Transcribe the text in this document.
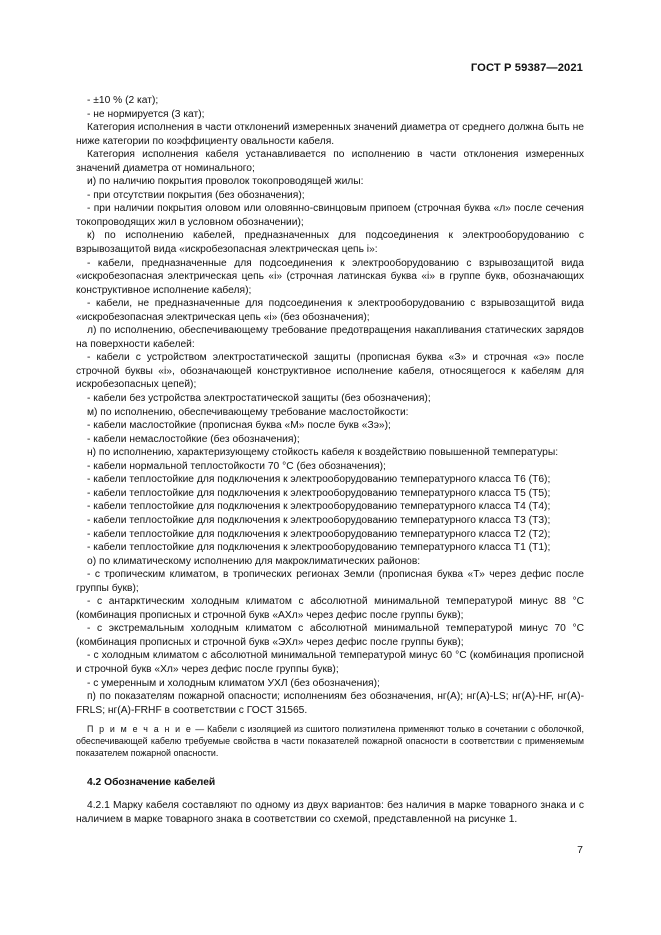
ГОСТ Р 59387—2021

- ±10 % (2 кат);

- не нормируется (3 кат);

Категория исполнения в части отклонений измеренных значений диаметра от среднего должна быть не ниже категории по коэффициенту овальности кабеля.

Категория исполнения кабеля устанавливается по исполнению в части отклонения измеренных значений диаметра от номинального;

и) по наличию покрытия проволок токопроводящей жилы:

- при отсутствии покрытия (без обозначения);

- при наличии покрытия оловом или оловянно-свинцовым припоем (строчная буква «л» после сечения токопроводящих жил в условном обозначении);

к) по исполнению кабелей, предназначенных для подсоединения к электрооборудованию с взрывозащитой вида «искробезопасная электрическая цепь i»:

- кабели, предназначенные для подсоединения к электрооборудованию с взрывозащитой вида «искробезопасная электрическая цепь «i» (строчная латинская буква «i» в группе букв, обозначающих конструктивное исполнение кабеля);

- кабели, не предназначенные для подсоединения к электрооборудованию с взрывозащитой вида «искробезопасная электрическая цепь «i» (без обозначения);

л) по исполнению, обеспечивающему требование предотвращения накапливания статических зарядов на поверхности кабелей:

- кабели с устройством электростатической защиты (прописная буква «З» и строчная «э» после строчной буквы «i», обозначающей конструктивное исполнение кабеля, относящегося к кабелям для искробезопасных цепей);

- кабели без устройства электростатической защиты (без обозначения);

м) по исполнению, обеспечивающему требование маслостойкости:

- кабели маслостойкие (прописная буква «М» после букв «Зэ»);

- кабели немаслостойкие (без обозначения);

н) по исполнению, характеризующему стойкость кабеля к воздействию повышенной температуры:

- кабели нормальной теплостойкости 70 °С (без обозначения);

- кабели теплостойкие для подключения к электрооборудованию температурного класса Т6 (Т6);

- кабели теплостойкие для подключения к электрооборудованию температурного класса Т5 (Т5);

- кабели теплостойкие для подключения к электрооборудованию температурного класса Т4 (Т4);

- кабели теплостойкие для подключения к электрооборудованию температурного класса Т3 (Т3);

- кабели теплостойкие для подключения к электрооборудованию температурного класса Т2 (Т2);

- кабели теплостойкие для подключения к электрооборудованию температурного класса Т1 (Т1);

о) по климатическому исполнению для макроклиматических районов:

- с тропическим климатом, в тропических регионах Земли (прописная буква «Т» через дефис после группы букв);

- с антарктическим холодным климатом с абсолютной минимальной температурой минус 88 °С (комбинация прописных и строчной букв «АХл» через дефис после группы букв);

- с экстремальным холодным климатом с абсолютной минимальной температурой минус 70 °С (комбинация прописных и строчной букв «ЭХл» через дефис после группы букв);

- с холодным климатом с абсолютной минимальной температурой минус 60 °С (комбинация прописной и строчной букв «Хл» через дефис после группы букв);

- с умеренным и холодным климатом УХЛ (без обозначения);

п) по показателям пожарной опасности; исполнениям без обозначения, нг(А); нг(А)-LS; нг(А)-HF, нг(А)-FRLS; нг(А)-FRHF в соответствии с ГОСТ 31565.

П р и м е ч а н и е — Кабели с изоляцией из сшитого полиэтилена применяют только в сочетании с оболочкой, обеспечивающей кабелю требуемые свойства в части показателей пожарной опасности в соответствии с применяемым показателем пожарной опасности.

4.2 Обозначение кабелей

4.2.1 Марку кабеля составляют по одному из двух вариантов: без наличия в марке товарного знака и с наличием в марке товарного знака в соответствии со схемой, представленной на рисунке 1.

7
